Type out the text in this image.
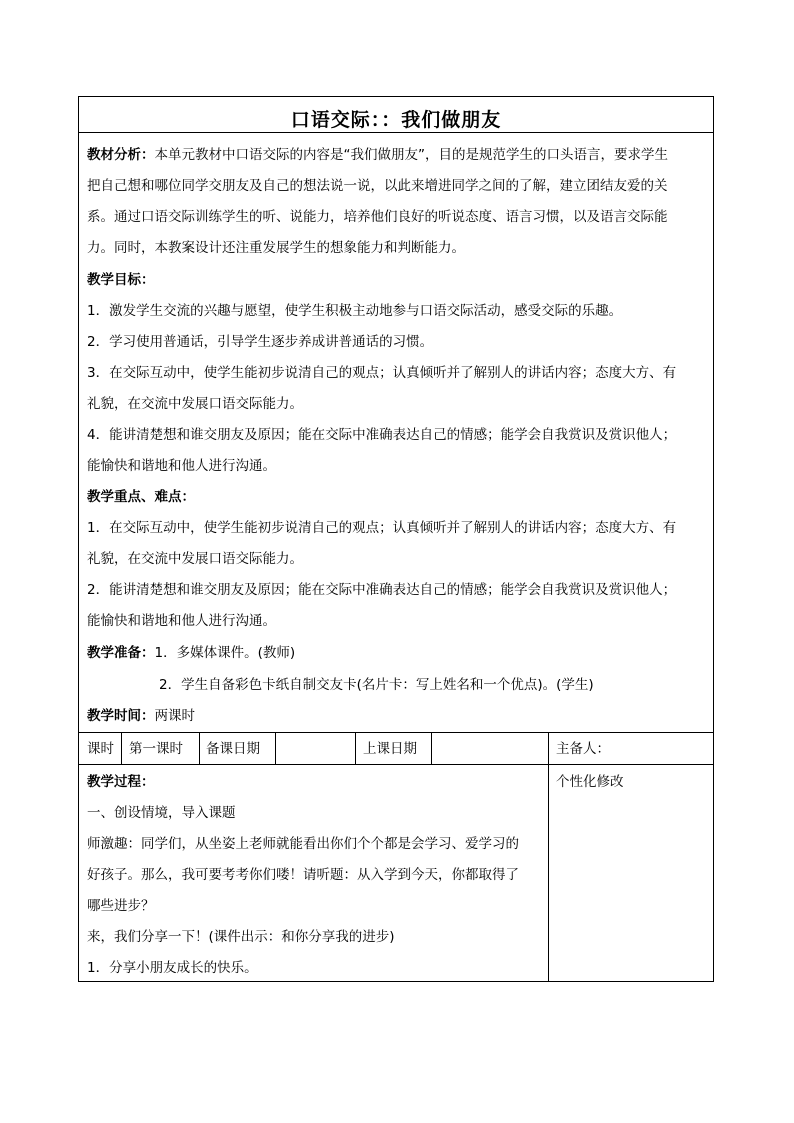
口语交际：：我们做朋友
教材分析：本单元教材中口语交际的内容是“我们做朋友”，目的是规范学生的口头语言，要求学生
把自己想和哪位同学交朋友及自己的想法说一说，以此来增进同学之间的了解，建立团结友爱的关
系。通过口语交际训练学生的听、说能力，培养他们良好的听说态度、语言习惯，以及语言交际能
力。同时，本教案设计还注重发展学生的想象能力和判断能力。
教学目标：
1．激发学生交流的兴趣与愿望，使学生积极主动地参与口语交际活动，感受交际的乐趣。
2．学习使用普通话，引导学生逐步养成讲普通话的习惯。
3．在交际互动中，使学生能初步说清自己的观点；认真倾听并了解别人的讲话内容；态度大方、有
礼貌，在交流中发展口语交际能力。
4．能讲清楚想和谁交朋友及原因；能在交际中准确表达自己的情感；能学会自我赏识及赏识他人；
能愉快和谐地和他人进行沟通。
教学重点、难点：
1．在交际互动中，使学生能初步说清自己的观点；认真倾听并了解别人的讲话内容；态度大方、有
礼貌，在交流中发展口语交际能力。
2．能讲清楚想和谁交朋友及原因；能在交际中准确表达自己的情感；能学会自我赏识及赏识他人；
能愉快和谐地和他人进行沟通。
教学准备：1．多媒体课件。(教师)
2．学生自备彩色卡纸自制交友卡(名片卡：写上姓名和一个优点)。(学生)
教学时间：两课时
课时 第一课时 备课日期	上课日期	主备人：
教学过程：
一、创设情境，导入课题
师激趣：同学们，从坐姿上老师就能看出你们个个都是会学习、爱学习的
好孩子。那么，我可要考考你们喽！请听题：从入学到今天，你都取得了
哪些进步？
来，我们分享一下！(课件出示：和你分享我的进步)
1．分享小朋友成长的快乐。
个性化修改
